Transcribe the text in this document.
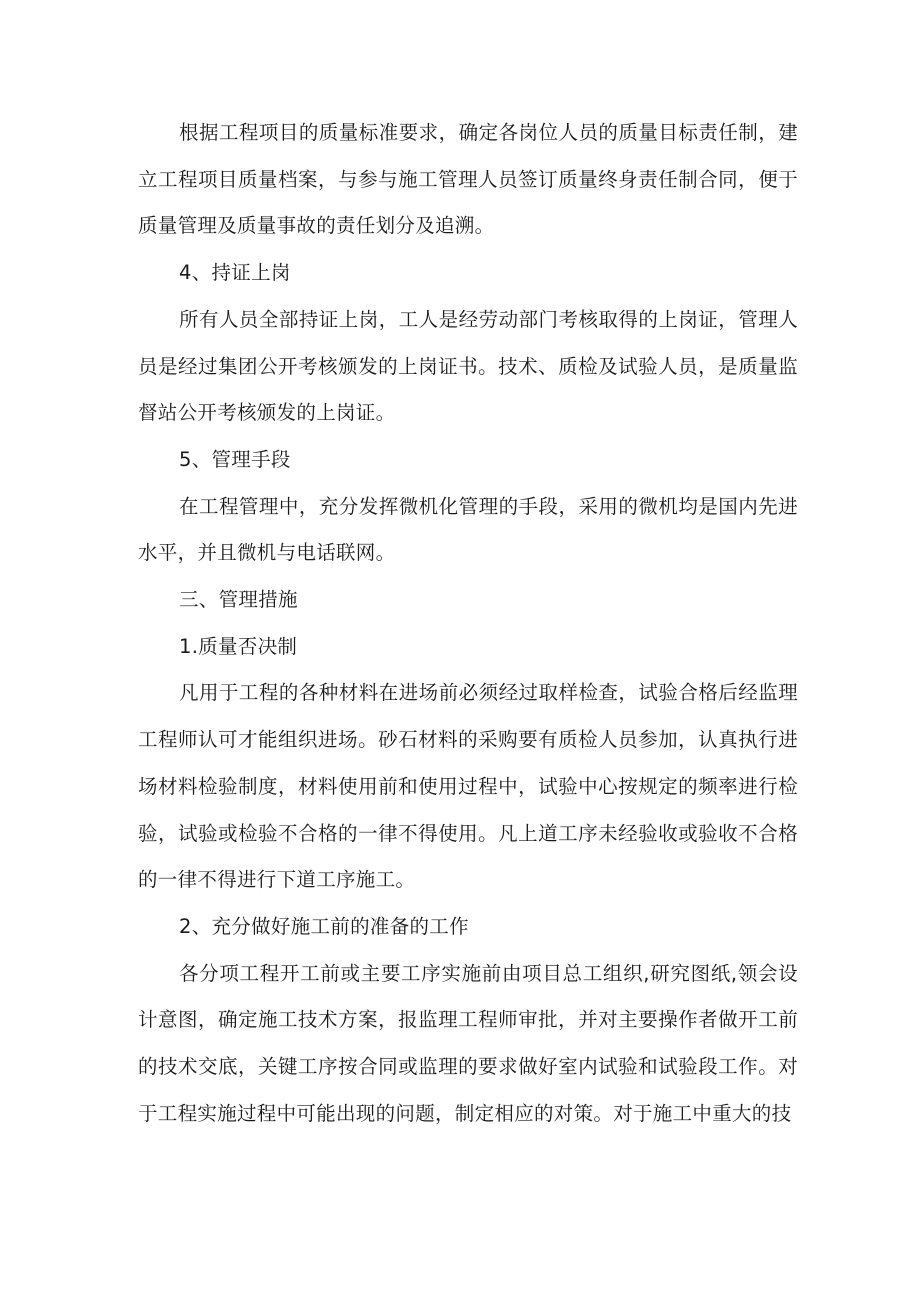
根据工程项目的质量标准要求，确定各岗位人员的质量目标责任制，建立工程项目质量档案，与参与施工管理人员签订质量终身责任制合同，便于质量管理及质量事故的责任划分及追溯。

4、持证上岗

所有人员全部持证上岗，工人是经劳动部门考核取得的上岗证，管理人员是经过集团公开考核颁发的上岗证书。技术、质检及试验人员，是质量监督站公开考核颁发的上岗证。

5、管理手段

在工程管理中，充分发挥微机化管理的手段，采用的微机均是国内先进水平，并且微机与电话联网。

三、管理措施

1.质量否决制

凡用于工程的各种材料在进场前必须经过取样检查，试验合格后经监理工程师认可才能组织进场。砂石材料的采购要有质检人员参加，认真执行进场材料检验制度，材料使用前和使用过程中，试验中心按规定的频率进行检验，试验或检验不合格的一律不得使用。凡上道工序未经验收或验收不合格的一律不得进行下道工序施工。

2、充分做好施工前的准备的工作

各分项工程开工前或主要工序实施前由项目总工组织,研究图纸,领会设计意图，确定施工技术方案，报监理工程师审批，并对主要操作者做开工前的技术交底，关键工序按合同或监理的要求做好室内试验和试验段工作。对于工程实施过程中可能出现的问题，制定相应的对策。对于施工中重大的技
